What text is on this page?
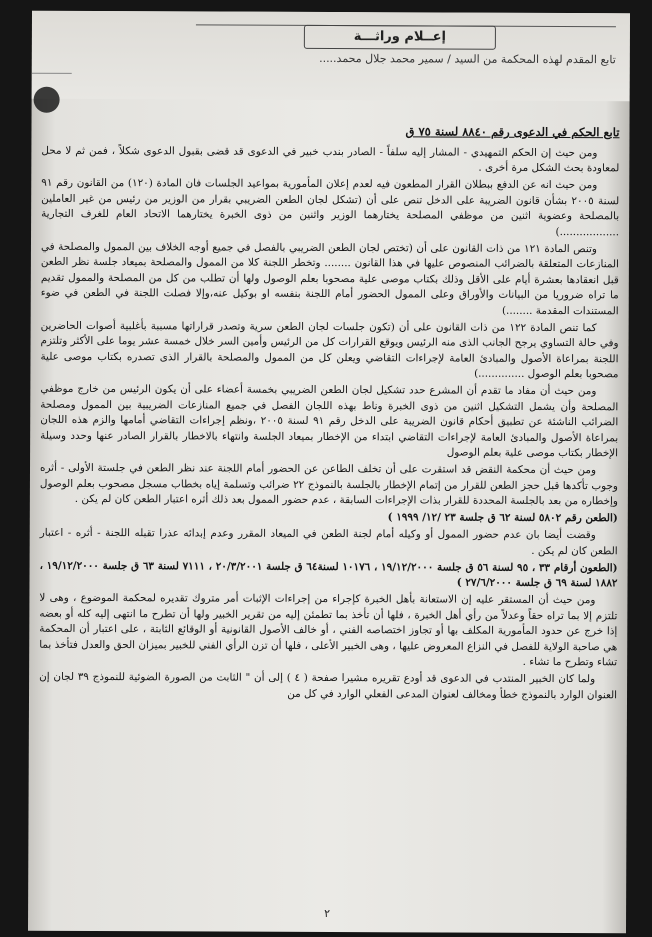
إعــلام وراثـــة
تابع المقدم لهذه المحكمة من السيد / سمير محمد جلال محمد.....

تابع الحكم في الدعوى رقم ٨٨٤٠ لسنة ٧٥ ق

ومن حيث إن الحكم التمهيدي - المشار إليه سلفاً - الصادر بندب خبير في الدعوى قد قضى بقبول الدعوى شكلاً ، فمن ثم لا محل لمعاودة بحث الشكل مرة أخرى .

ومن حيث انه عن الدفع ببطلان القرار المطعون فيه لعدم إعلان المأمورية بمواعيد الجلسات فان المادة (١٢٠) من القانون رقم ٩١ لسنة ٢٠٠٥ بشأن قانون الضريبة على الدخل تنص على أن (تشكل لجان الطعن الضريبي بقرار من الوزير من رئيس من غير العاملين بالمصلحة وعضوية اثنين من موظفي المصلحة يختارهما الوزير واثنين من ذوى الخبرة يختارهما الاتحاد العام للغرف التجارية ..................)

وتنص المادة ١٢١ من ذات القانون على أن (تختص لجان الطعن الضريبي بالفصل في جميع أوجه الخلاف بين الممول والمصلحة في المنازعات المتعلقة بالضرائب المنصوص عليها في هذا القانون ........ وتخطر اللجنة كلا من الممول والمصلحة بميعاد جلسة نظر الطعن قبل انعقادها بعشرة أيام على الأقل وذلك بكتاب موصى علية مصحوبا بعلم الوصول ولها أن تطلب من كل من المصلحة والممول تقديم ما تراه ضروريا من البيانات والأوراق وعلى الممول الحضور أمام اللجنة بنفسه او بوكيل عنه،وإلا فصلت اللجنة في الطعن في ضوء المستندات المقدمة ........)

كما تنص المادة ١٢٢ من ذات القانون على أن (تكون جلسات لجان الطعن سرية وتصدر قراراتها مسببة بأغلبية أصوات الحاضرين وفي حالة التساوي يرجح الجانب الذى منه الرئيس ويوقع القرارات كل من الرئيس وأمين السر خلال خمسة عشر يوما على الأكثر وتلتزم اللجنة بمراعاة الأصول والمبادئ العامة لإجراءات التقاضي ويعلن كل من الممول والمصلحة بالقرار الذى تصدره بكتاب موصى علية مصحوبا بعلم الوصول ..............)

ومن حيث أن مفاد ما تقدم أن المشرع حدد تشكيل لجان الطعن الضريبي بخمسة أعضاء على أن يكون الرئيس من خارج موظفي المصلحة وأن يشمل التشكيل اثنين من ذوى الخبرة وناط بهذه اللجان الفصل في جميع المنازعات الضريبية بين الممول ومصلحة الضرائب الناشئة عن تطبيق أحكام قانون الضريبة على الدخل رقم ٩١ لسنة ٢٠٠٥ ،ونظم إجراءات التقاضي أمامها والزم هذه اللجان بمراعاة الأصول والمبادئ العامة لإجراءات التقاضي ابتداء من الإخطار بميعاد الجلسة وانتهاء بالاخطار بالقرار الصادر عنها وحدد وسيلة الإخطار بكتاب موصى علية بعلم الوصول

ومن حيث أن محكمة النقض قد استقرت على أن تخلف الطاعن عن الحضور أمام اللجنة عند نظر الطعن في جلستة الأولى - أثره وجوب تأكدها قبل حجز الطعن للقرار من إتمام الإخطار بالجلسة بالنموذج ٢٢ ضرائب وتسلمة إياه بخطاب مسجل مصحوب بعلم الوصول وإخطاره من بعد بالجلسة المحددة للقرار بذات الإجراءات السابقة ، عدم حضور الممول بعد ذلك أثره اعتبار الطعن كان لم يكن .

(الطعن رقم ٥٨٠٢ لسنة ٦٢ ق جلسة ٢٣ /١٢/ ١٩٩٩ )

وقضت أيضا بان عدم حضور الممول أو وكيله أمام لجنة الطعن في الميعاد المقرر وعدم إبدائه عذرا تقبله اللجنة - أثره - اعتبار الطعن كان لم يكن .

(الطعون أرقام ٣٣ ، ٩٥ لسنة ٥٦ ق جلسة ١٩/١٢/٢٠٠٠ ، ١٠١٧٦ لسنة٦٤ ق جلسة ٢٠/٣/٢٠٠١ ، ٧١١١ لسنة ٦٣ ق جلسة ١٩/١٢/٢٠٠٠ ، ١٨٨٢ لسنة ٦٩ ق جلسة ٢٧/٦/٢٠٠٠ )

ومن حيث أن المستقر عليه إن الاستعانة بأهل الخبرة كإجراء من إجراءات الإثبات أمر متروك تقديره لمحكمة الموضوع ، وهى لا تلتزم إلا بما تراه حقاً وعدلاً من رأي أهل الخبرة ، فلها أن تأخذ بما تطمئن إليه من تقرير الخبير ولها أن تطرح ما انتهى إليه كله أو بعضه إذا خرج عن حدود المأمورية المكلف بها أو تجاوز اختصاصه الفني ، أو خالف الأصول القانونية أو الوقائع الثابتة ، على اعتبار أن المحكمة هي صاحبة الولاية للفصل في النزاع المعروض عليها ، وهى الخبير الأعلى ، فلها أن تزن الرأي الفني للخبير بميزان الحق والعدل فتأخذ بما تشاء وتطرح ما تشاء .

ولما كان الخبير المنتدب في الدعوى قد أودع تقريره مشيرا صفحة ( ٤ ) إلى أن " الثابت من الصورة الضوئية للنموذج ٣٩ لجان إن العنوان الوارد بالنموذج خطأ ومخالف لعنوان المدعى الفعلي الوارد في كل من

٢
